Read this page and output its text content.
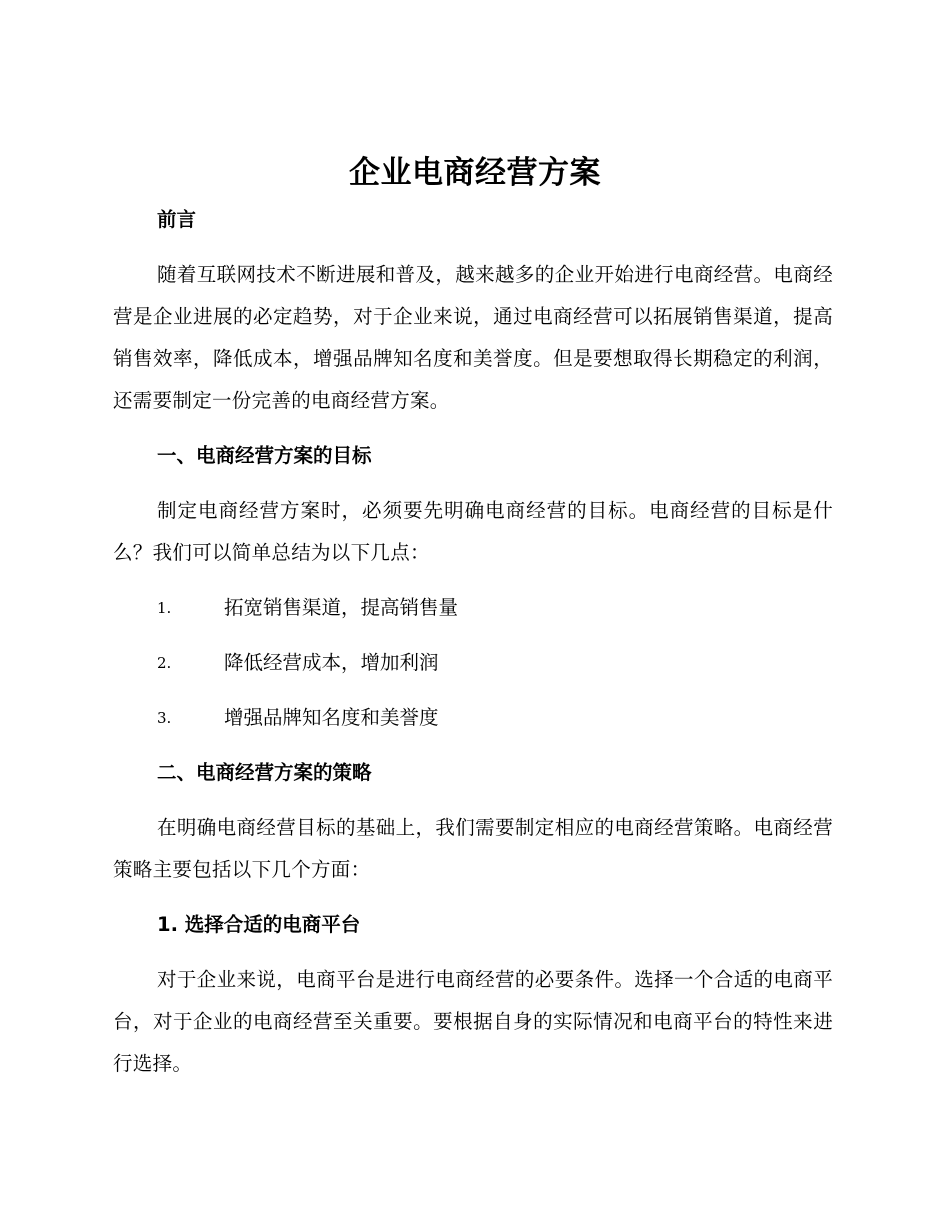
企业电商经营方案
前言
随着互联网技术不断进展和普及，越来越多的企业开始进行电商经营。电商经营是企业进展的必定趋势，对于企业来说，通过电商经营可以拓展销售渠道，提高销售效率，降低成本，增强品牌知名度和美誉度。但是要想取得长期稳定的利润，还需要制定一份完善的电商经营方案。
一、电商经营方案的目标
制定电商经营方案时，必须要先明确电商经营的目标。电商经营的目标是什么？我们可以简单总结为以下几点：
1.	拓宽销售渠道，提高销售量
2.	降低经营成本，增加利润
3.	增强品牌知名度和美誉度
二、电商经营方案的策略
在明确电商经营目标的基础上，我们需要制定相应的电商经营策略。电商经营策略主要包括以下几个方面：
1. 选择合适的电商平台
对于企业来说，电商平台是进行电商经营的必要条件。选择一个合适的电商平台，对于企业的电商经营至关重要。要根据自身的实际情况和电商平台的特性来进行选择。
